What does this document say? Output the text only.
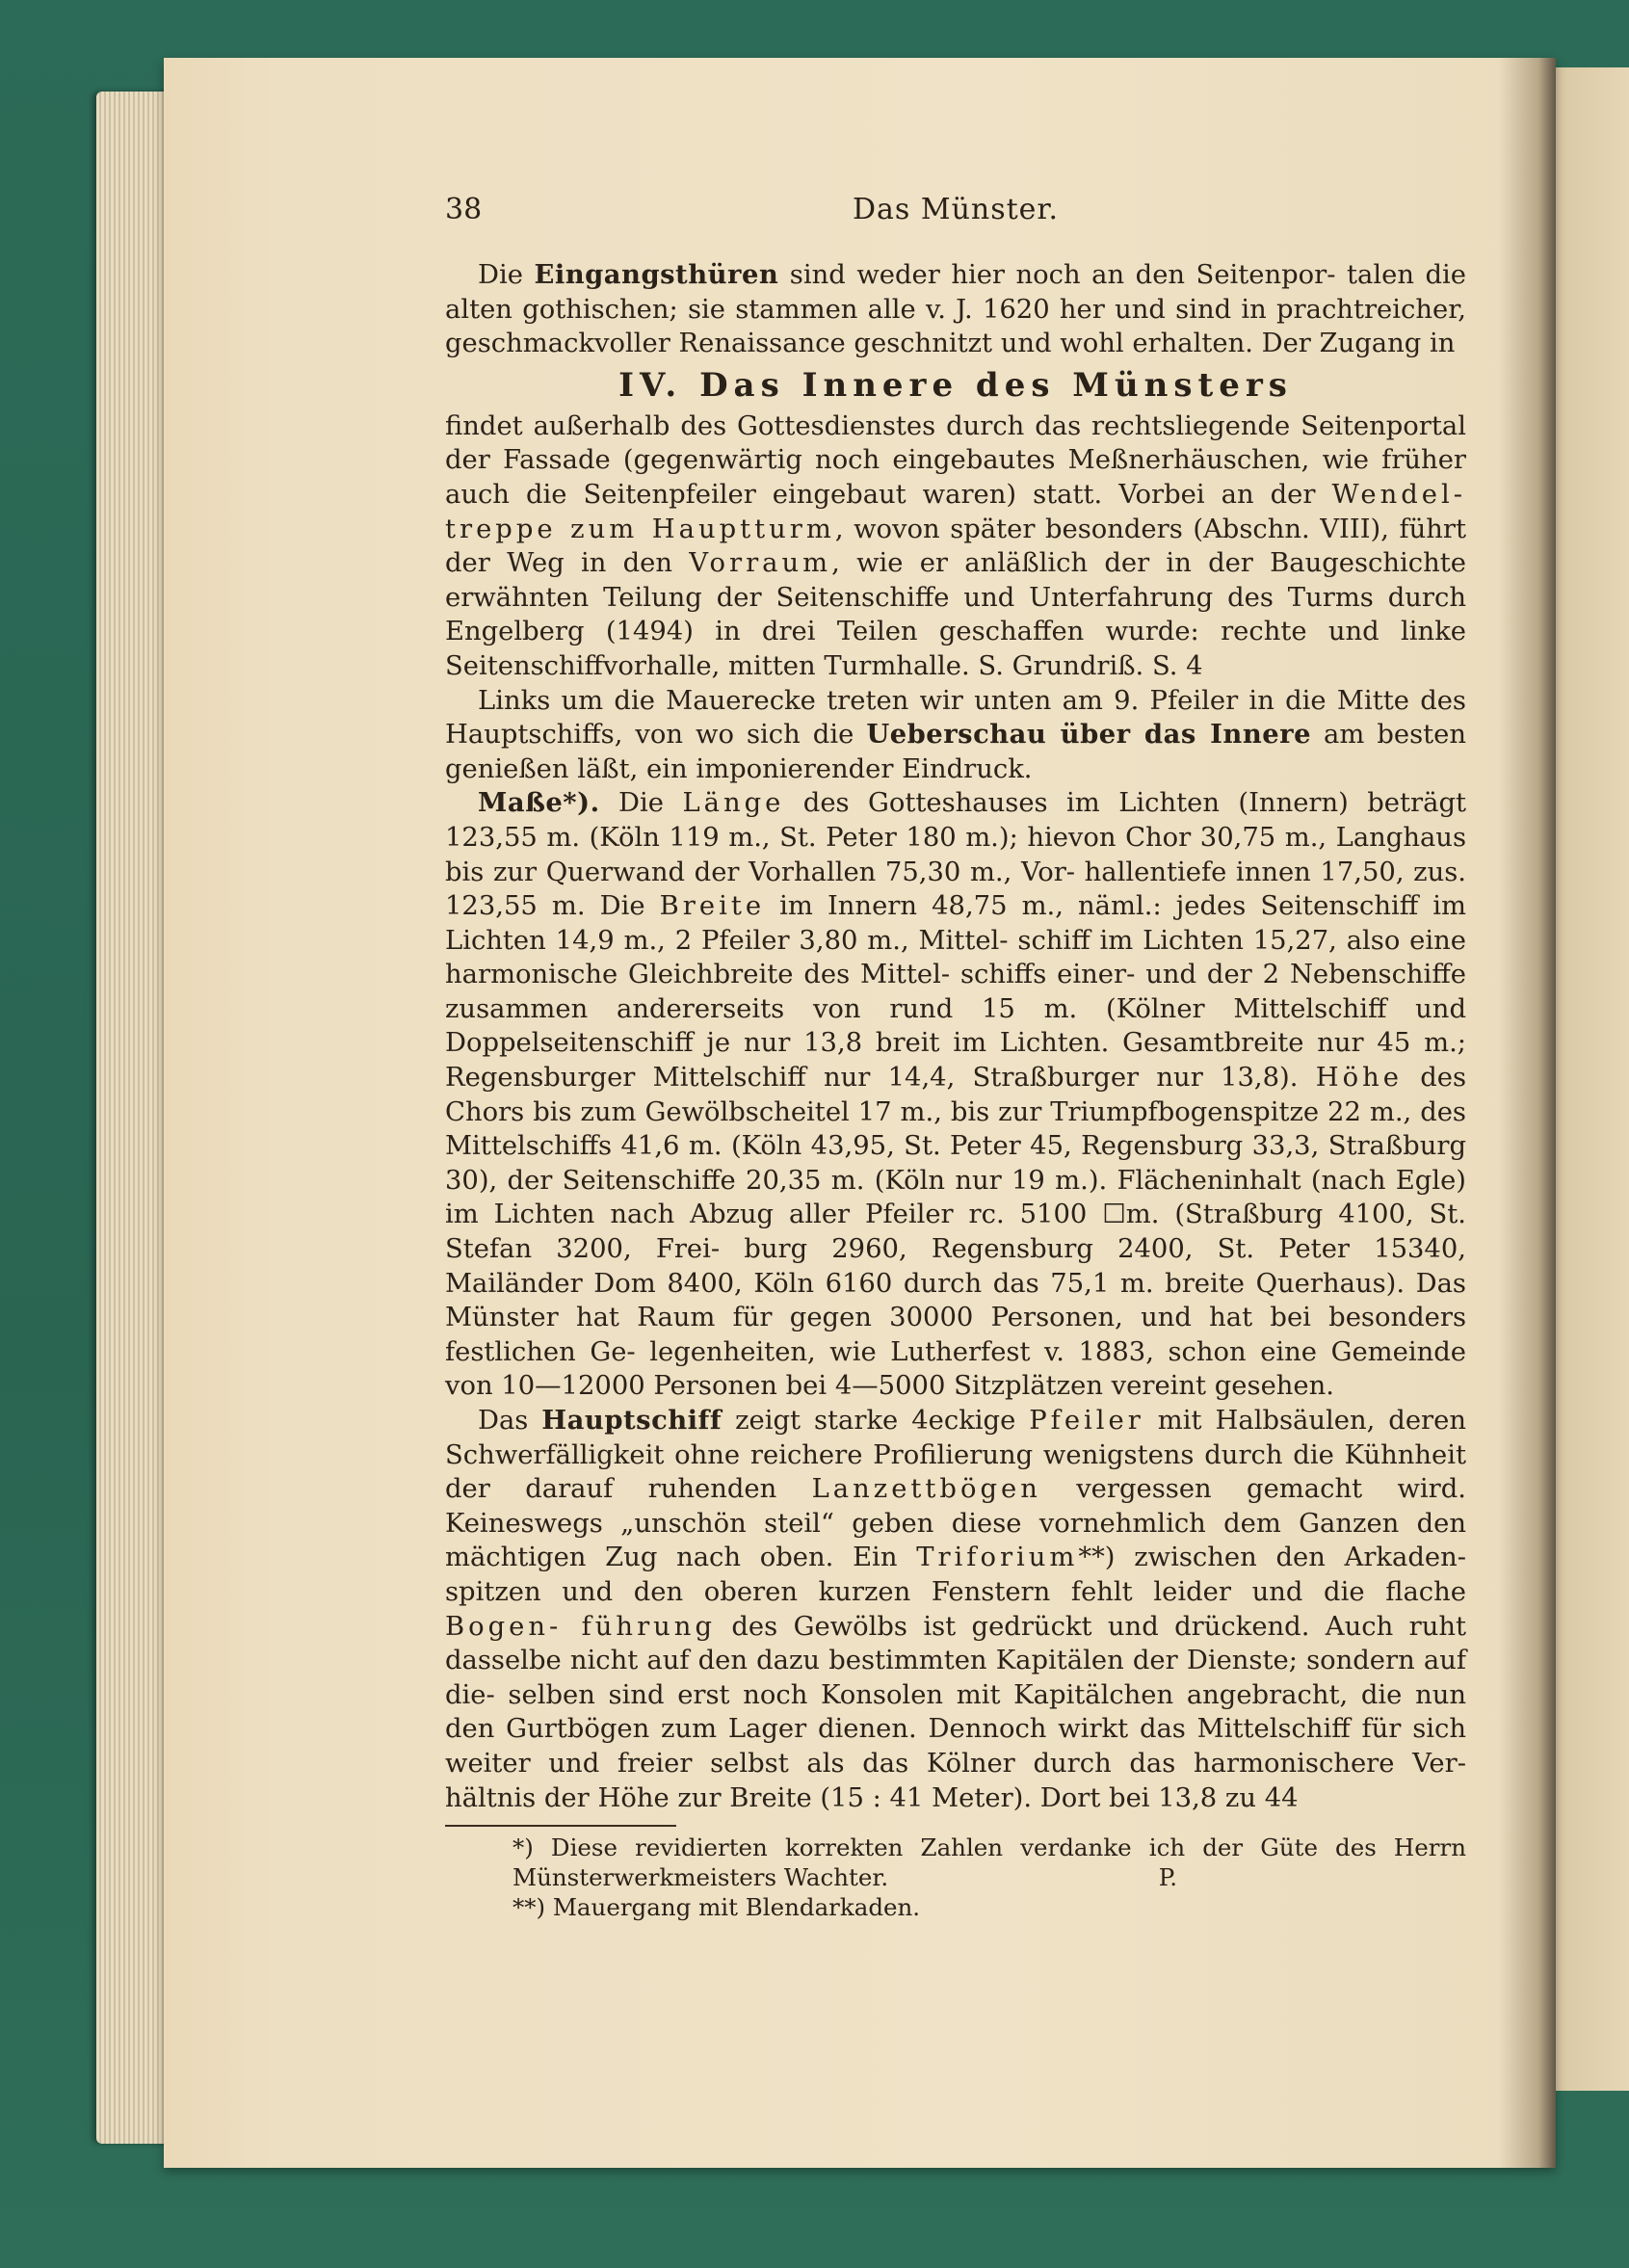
38	Das Münster.

Die Eingangsthüren sind weder hier noch an den Seitenpor- talen die alten gothischen; sie stammen alle v. J. 1620 her und sind in prachtreicher, geschmackvoller Renaissance geschnitzt und wohl erhalten. Der Zugang in

IV. Das Innere des Münsters

findet außerhalb des Gottesdienstes durch das rechtsliegende Seitenportal der Fassade (gegenwärtig noch eingebautes Meßnerhäuschen, wie früher auch die Seitenpfeiler eingebaut waren) statt. Vorbei an der Wendel- treppe zum Hauptturm, wovon später besonders (Abschn. VIII), führt der Weg in den Vorraum, wie er anläßlich der in der Baugeschichte erwähnten Teilung der Seitenschiffe und Unterfahrung des Turms durch Engelberg (1494) in drei Teilen geschaffen wurde: rechte und linke Seitenschiffvorhalle, mitten Turmhalle. S. Grundriß. S. 4

Links um die Mauerecke treten wir unten am 9. Pfeiler in die Mitte des Hauptschiffs, von wo sich die Ueberschau über das Innere am besten genießen läßt, ein imponierender Eindruck.

Maße*). Die Länge des Gotteshauses im Lichten (Innern) beträgt 123,55 m. (Köln 119 m., St. Peter 180 m.); hievon Chor 30,75 m., Langhaus bis zur Querwand der Vorhallen 75,30 m., Vor- hallentiefe innen 17,50, zus. 123,55 m. Die Breite im Innern 48,75 m., näml.: jedes Seitenschiff im Lichten 14,9 m., 2 Pfeiler 3,80 m., Mittel- schiff im Lichten 15,27, also eine harmonische Gleichbreite des Mittel- schiffs einer- und der 2 Nebenschiffe zusammen andererseits von rund 15 m. (Kölner Mittelschiff und Doppelseitenschiff je nur 13,8 breit im Lichten. Gesamtbreite nur 45 m.; Regensburger Mittelschiff nur 14,4, Straßburger nur 13,8). Höhe des Chors bis zum Gewölbscheitel 17 m., bis zur Triumpfbogenspitze 22 m., des Mittelschiffs 41,6 m. (Köln 43,95, St. Peter 45, Regensburg 33,3, Straßburg 30), der Seitenschiffe 20,35 m. (Köln nur 19 m.). Flächeninhalt (nach Egle) im Lichten nach Abzug aller Pfeiler rc. 5100 ☐m. (Straßburg 4100, St. Stefan 3200, Frei- burg 2960, Regensburg 2400, St. Peter 15340, Mailänder Dom 8400, Köln 6160 durch das 75,1 m. breite Querhaus). Das Münster hat Raum für gegen 30000 Personen, und hat bei besonders festlichen Ge- legenheiten, wie Lutherfest v. 1883, schon eine Gemeinde von 10—12000 Personen bei 4—5000 Sitzplätzen vereint gesehen.

Das Hauptschiff zeigt starke 4eckige Pfeiler mit Halbsäulen, deren Schwerfälligkeit ohne reichere Profilierung wenigstens durch die Kühnheit der darauf ruhenden Lanzettbögen vergessen gemacht wird. Keineswegs „unschön steil“ geben diese vornehmlich dem Ganzen den mächtigen Zug nach oben. Ein Triforium**) zwischen den Arkaden- spitzen und den oberen kurzen Fenstern fehlt leider und die flache Bogen- führung des Gewölbs ist gedrückt und drückend. Auch ruht dasselbe nicht auf den dazu bestimmten Kapitälen der Dienste; sondern auf die- selben sind erst noch Konsolen mit Kapitälchen angebracht, die nun den Gurtbögen zum Lager dienen. Dennoch wirkt das Mittelschiff für sich weiter und freier selbst als das Kölner durch das harmonischere Ver- hältnis der Höhe zur Breite (15 : 41 Meter). Dort bei 13,8 zu 44

*) Diese revidierten korrekten Zahlen verdanke ich der Güte des Herrn Münsterwerkmeisters Wachter.	P.

**) Mauergang mit Blendarkaden.
